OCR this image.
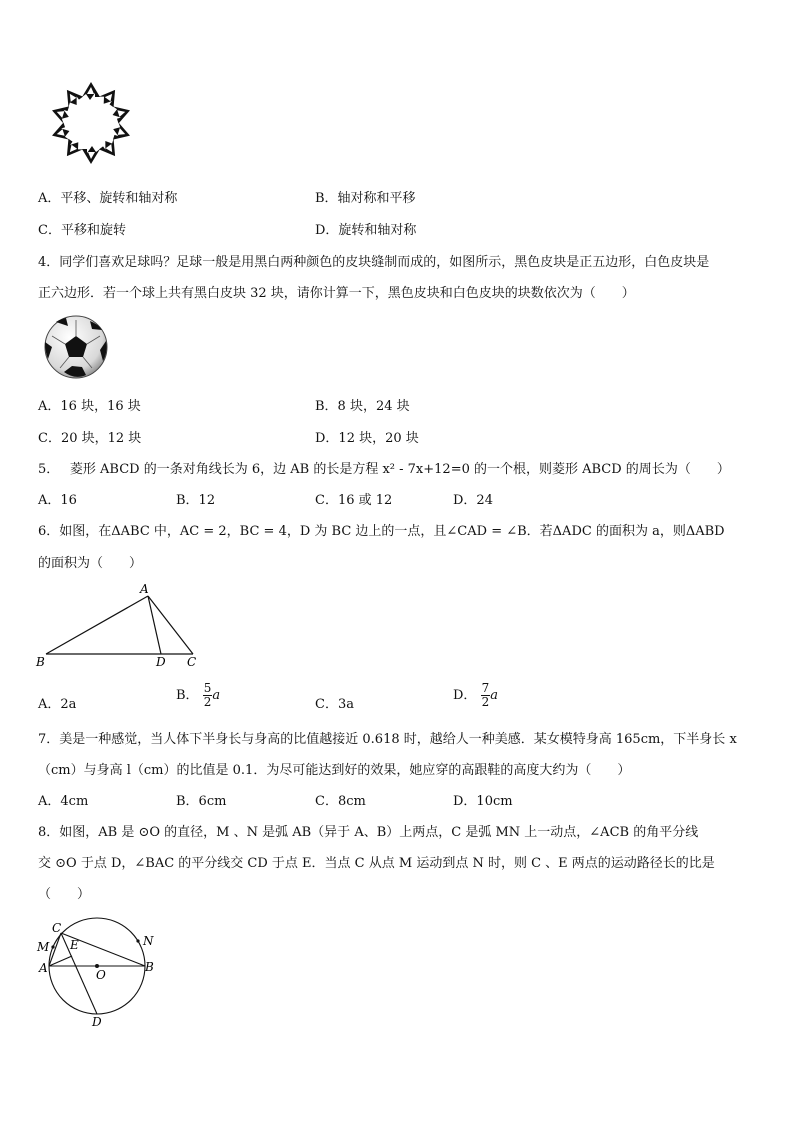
A．平移、旋转和轴对称	B．轴对称和平移
C．平移和旋转	D．旋转和轴对称
4．同学们喜欢足球吗？足球一般是用黑白两种颜色的皮块缝制而成的，如图所示，黑色皮块是正五边形，白色皮块是
正六边形．若一个球上共有黑白皮块 32 块，请你计算一下，黑色皮块和白色皮块的块数依次为（　　）
A．16 块，16 块	B．8 块，24 块
C．20 块，12 块	D．12 块，20 块
5．　 菱形 ABCD 的一条对角线长为 6，边 AB 的长是方程 x² - 7x+12=0 的一个根，则菱形 ABCD 的周长为（　　）
A．16	B．12	C．16 或 12	D．24
6．如图，在ΔABC 中，AC = 2，BC = 4，D 为 BC 边上的一点，且∠CAD = ∠B．若ΔADC 的面积为 a，则ΔABD
的面积为（　　）
A
B	D C
A．2a
B． $\frac{5}{2}$ a
C．3a
D． $\frac{7}{2}$ a
7．美是一种感觉，当人体下半身长与身高的比值越接近 0.618 时，越给人一种美感．某女模特身高 165cm，下半身长 x
（cm）与身高 l（cm）的比值是 0.1．为尽可能达到好的效果，她应穿的高跟鞋的高度大约为（　　）
A．4cm	B．6cm	C．8cm	D．10cm
8．如图，AB 是 ⊙O 的直径，M 、N 是弧 AB（异于 A、B）上两点，C 是弧 MN 上一动点，∠ACB 的角平分线
交 ⊙O 于点 D，∠BAC 的平分线交 CD 于点 E．当点 C 从点 M 运动到点 N 时，则 C 、E 两点的运动路径长的比是
（　　）
C
M E	N
A	O
B
D
